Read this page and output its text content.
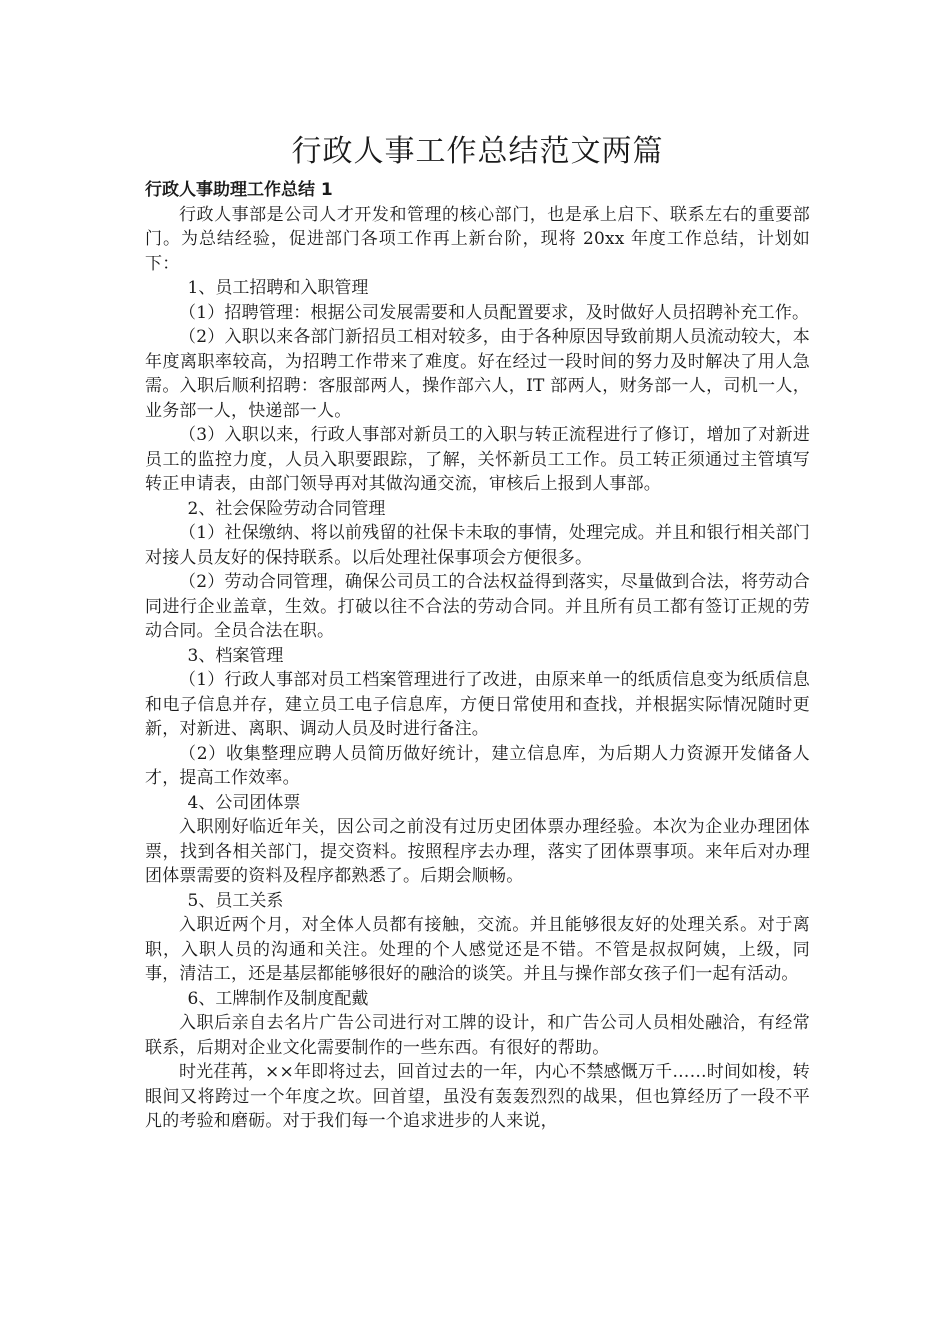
行政人事工作总结范文两篇

行政人事助理工作总结 1

行政人事部是公司人才开发和管理的核心部门，也是承上启下、联系左右的重要部门。为总结经验，促进部门各项工作再上新台阶，现将 20xx 年度工作总结，计划如下：

1、员工招聘和入职管理

（1）招聘管理：根据公司发展需要和人员配置要求，及时做好人员招聘补充工作。

（2）入职以来各部门新招员工相对较多，由于各种原因导致前期人员流动较大，本年度离职率较高，为招聘工作带来了难度。好在经过一段时间的努力及时解决了用人急需。入职后顺利招聘：客服部两人，操作部六人，IT 部两人，财务部一人，司机一人，业务部一人，快递部一人。

（3）入职以来，行政人事部对新员工的入职与转正流程进行了修订，增加了对新进员工的监控力度，人员入职要跟踪，了解，关怀新员工工作。员工转正须通过主管填写转正申请表，由部门领导再对其做沟通交流，审核后上报到人事部。

2、社会保险劳动合同管理

（1）社保缴纳、将以前残留的社保卡未取的事情，处理完成。并且和银行相关部门对接人员友好的保持联系。以后处理社保事项会方便很多。

（2）劳动合同管理，确保公司员工的合法权益得到落实，尽量做到合法，将劳动合同进行企业盖章，生效。打破以往不合法的劳动合同。并且所有员工都有签订正规的劳动合同。全员合法在职。

3、档案管理

（1）行政人事部对员工档案管理进行了改进，由原来单一的纸质信息变为纸质信息和电子信息并存，建立员工电子信息库，方便日常使用和查找，并根据实际情况随时更新，对新进、离职、调动人员及时进行备注。

（2）收集整理应聘人员简历做好统计，建立信息库，为后期人力资源开发储备人才，提高工作效率。

4、公司团体票

入职刚好临近年关，因公司之前没有过历史团体票办理经验。本次为企业办理团体票，找到各相关部门，提交资料。按照程序去办理，落实了团体票事项。来年后对办理团体票需要的资料及程序都熟悉了。后期会顺畅。

5、员工关系

入职近两个月，对全体人员都有接触，交流。并且能够很友好的处理关系。对于离职，入职人员的沟通和关注。处理的个人感觉还是不错。不管是叔叔阿姨，上级，同事，清洁工，还是基层都能够很好的融洽的谈笑。并且与操作部女孩子们一起有活动。

6、工牌制作及制度配戴

入职后亲自去名片广告公司进行对工牌的设计，和广告公司人员相处融洽，有经常联系，后期对企业文化需要制作的一些东西。有很好的帮助。

时光荏苒，××年即将过去，回首过去的一年，内心不禁感慨万千……时间如梭，转眼间又将跨过一个年度之坎。回首望，虽没有轰轰烈烈的战果，但也算经历了一段不平凡的考验和磨砺。对于我们每一个追求进步的人来说，
